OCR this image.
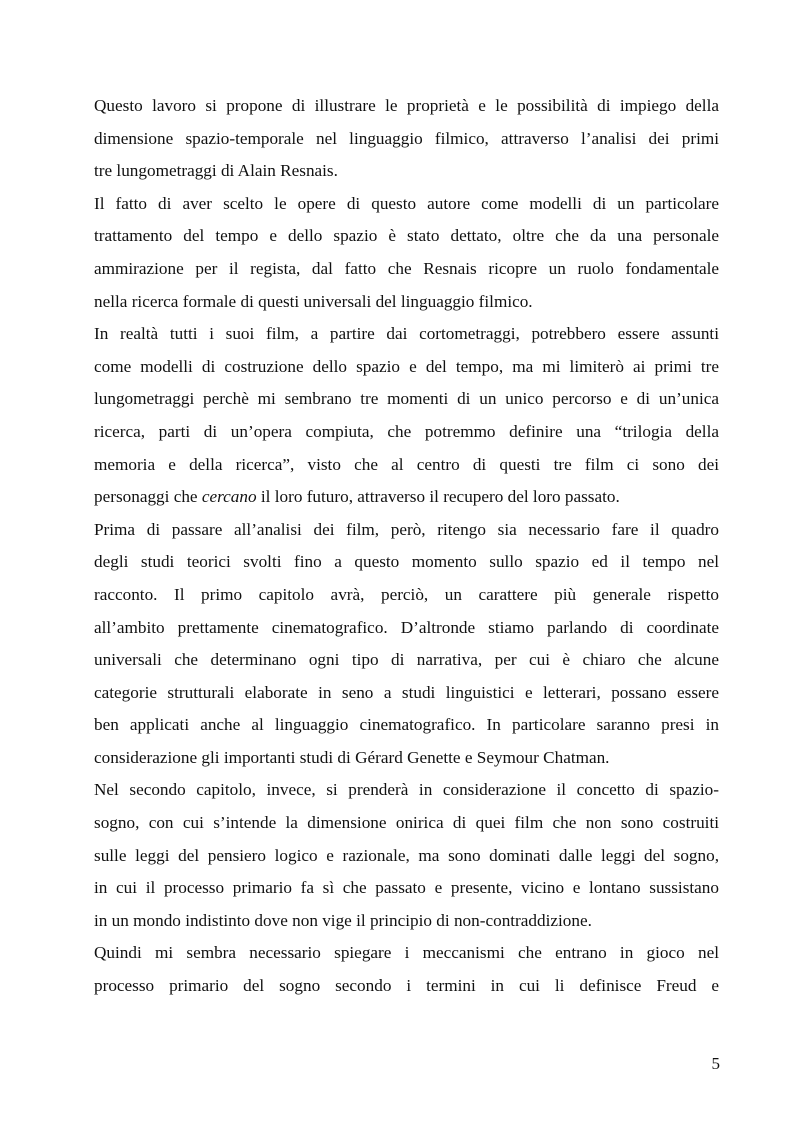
Questo lavoro si propone di illustrare le proprietà e le possibilità di impiego della
dimensione spazio-temporale nel linguaggio filmico, attraverso l’analisi dei primi
tre lungometraggi di Alain Resnais.
Il fatto di aver scelto le opere di questo autore come modelli di un particolare
trattamento del tempo e dello spazio è stato dettato, oltre che da una personale
ammirazione per il regista, dal fatto che Resnais ricopre un ruolo fondamentale
nella ricerca formale di questi universali del linguaggio filmico.
In realtà tutti i suoi film, a partire dai cortometraggi, potrebbero essere assunti
come modelli di costruzione dello spazio e del tempo, ma mi limiterò ai primi tre
lungometraggi perchè mi sembrano tre momenti di un unico percorso e di un’unica
ricerca, parti di un’opera compiuta, che potremmo definire una “trilogia della
memoria e della ricerca”, visto che al centro di questi tre film ci sono dei
personaggi che cercano il loro futuro, attraverso il recupero del loro passato.
Prima di passare all’analisi dei film, però, ritengo sia necessario fare il quadro
degli studi teorici svolti fino a questo momento sullo spazio ed il tempo nel
racconto. Il primo capitolo avrà, perciò, un carattere più generale rispetto
all’ambito prettamente cinematografico. D’altronde stiamo parlando di coordinate
universali che determinano ogni tipo di narrativa, per cui è chiaro che alcune
categorie strutturali elaborate in seno a studi linguistici e letterari, possano essere
ben applicati anche al linguaggio cinematografico. In particolare saranno presi in
considerazione gli importanti studi di Gérard Genette e Seymour Chatman.
Nel secondo capitolo, invece, si prenderà in considerazione il concetto di spazio-
sogno, con cui s’intende la dimensione onirica di quei film che non sono costruiti
sulle leggi del pensiero logico e razionale, ma sono dominati dalle leggi del sogno,
in cui il processo primario fa sì che passato e presente, vicino e lontano sussistano
in un mondo indistinto dove non vige il principio di non-contraddizione.
Quindi mi sembra necessario spiegare i meccanismi che entrano in gioco nel
processo primario del sogno secondo i termini in cui li definisce Freud e
5
